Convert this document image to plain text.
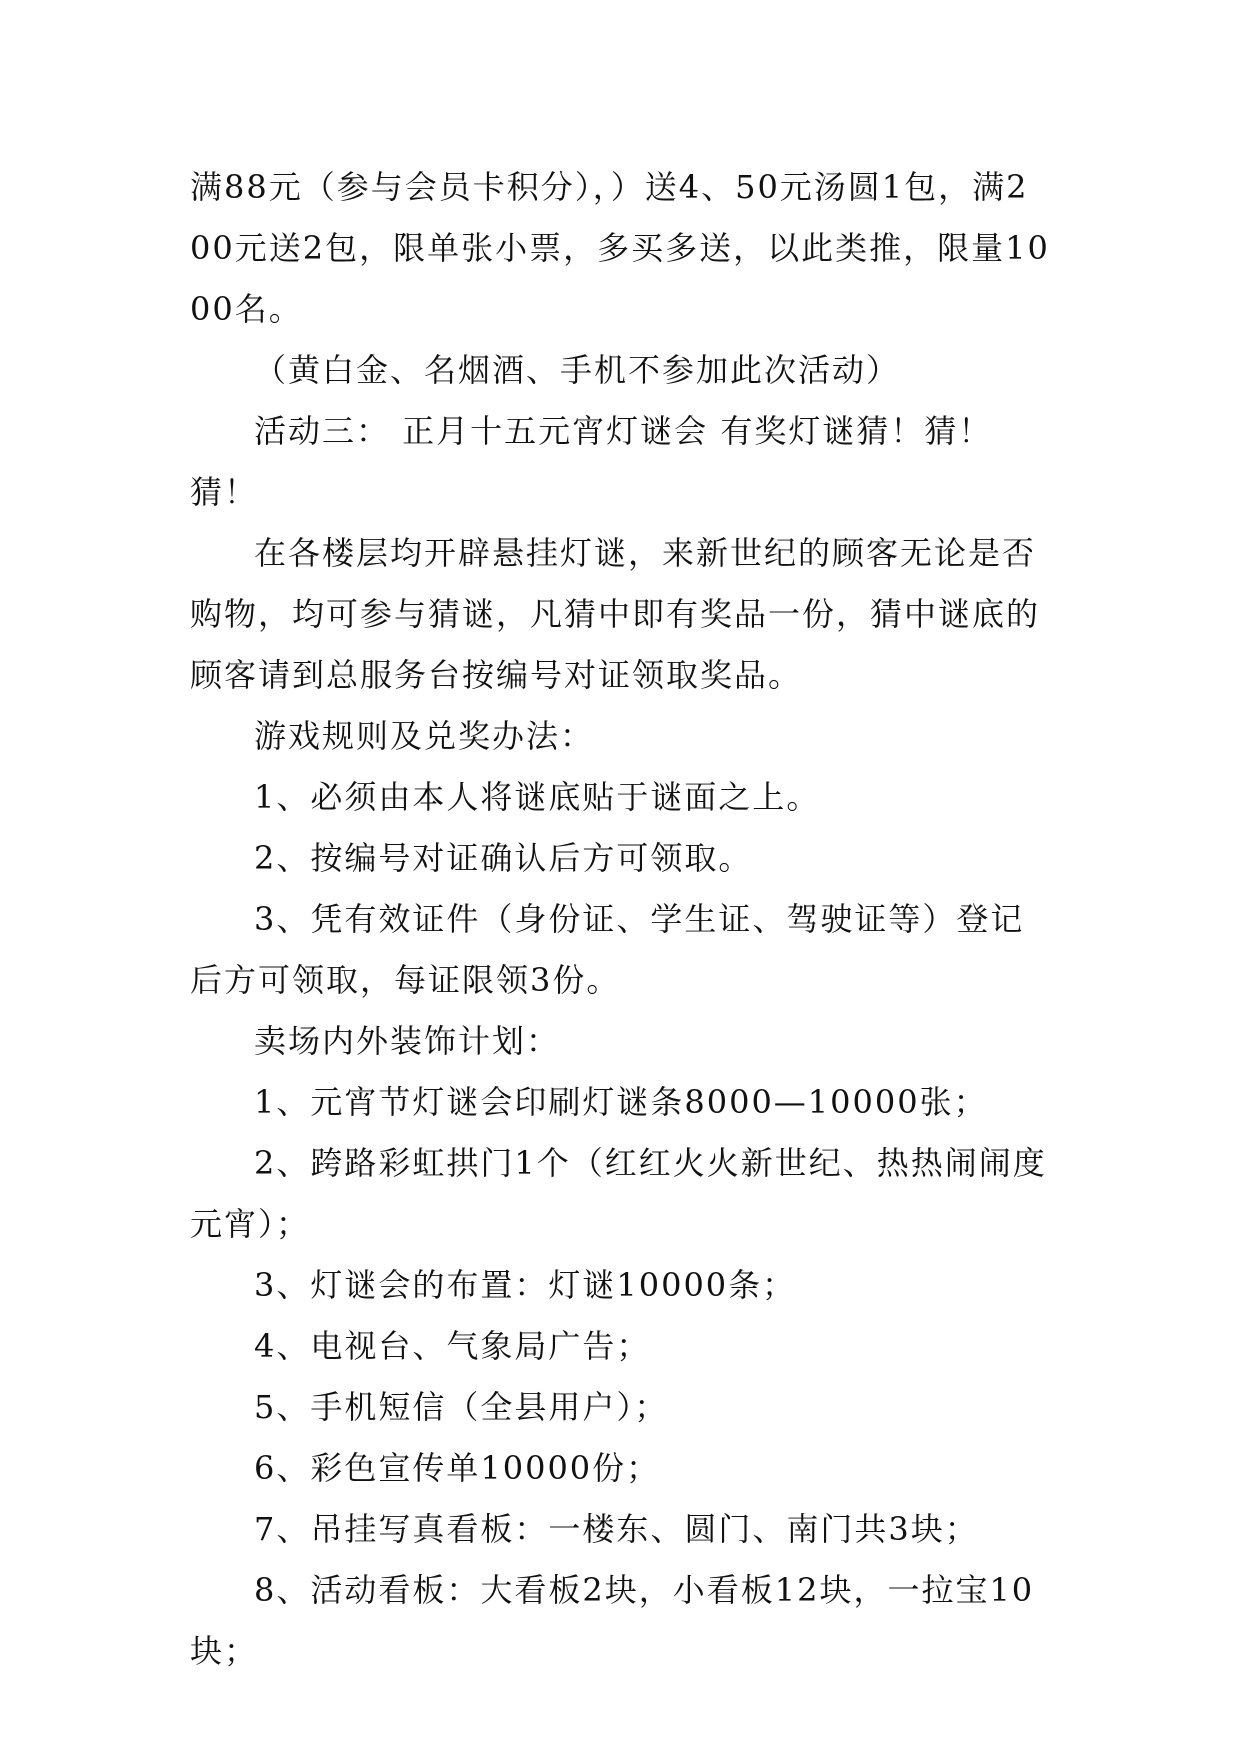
满88元（参与会员卡积分），）送4、50元汤圆1包，满200元送2包，限单张小票，多买多送，以此类推，限量1000名。

（黄白金、名烟酒、手机不参加此次活动）

活动三： 正月十五元宵灯谜会 有奖灯谜猜！猜！猜！

在各楼层均开辟悬挂灯谜，来新世纪的顾客无论是否购物，均可参与猜谜，凡猜中即有奖品一份，猜中谜底的顾客请到总服务台按编号对证领取奖品。

游戏规则及兑奖办法：

1、必须由本人将谜底贴于谜面之上。

2、按编号对证确认后方可领取。

3、凭有效证件（身份证、学生证、驾驶证等）登记后方可领取，每证限领3份。

卖场内外装饰计划：

1、元宵节灯谜会印刷灯谜条8000—10000张；

2、跨路彩虹拱门1个（红红火火新世纪、热热闹闹度元宵）；

3、灯谜会的布置：灯谜10000条；

4、电视台、气象局广告；

5、手机短信（全县用户）；

6、彩色宣传单10000份；

7、吊挂写真看板：一楼东、圆门、南门共3块；

8、活动看板：大看板2块，小看板12块，一拉宝10块；
